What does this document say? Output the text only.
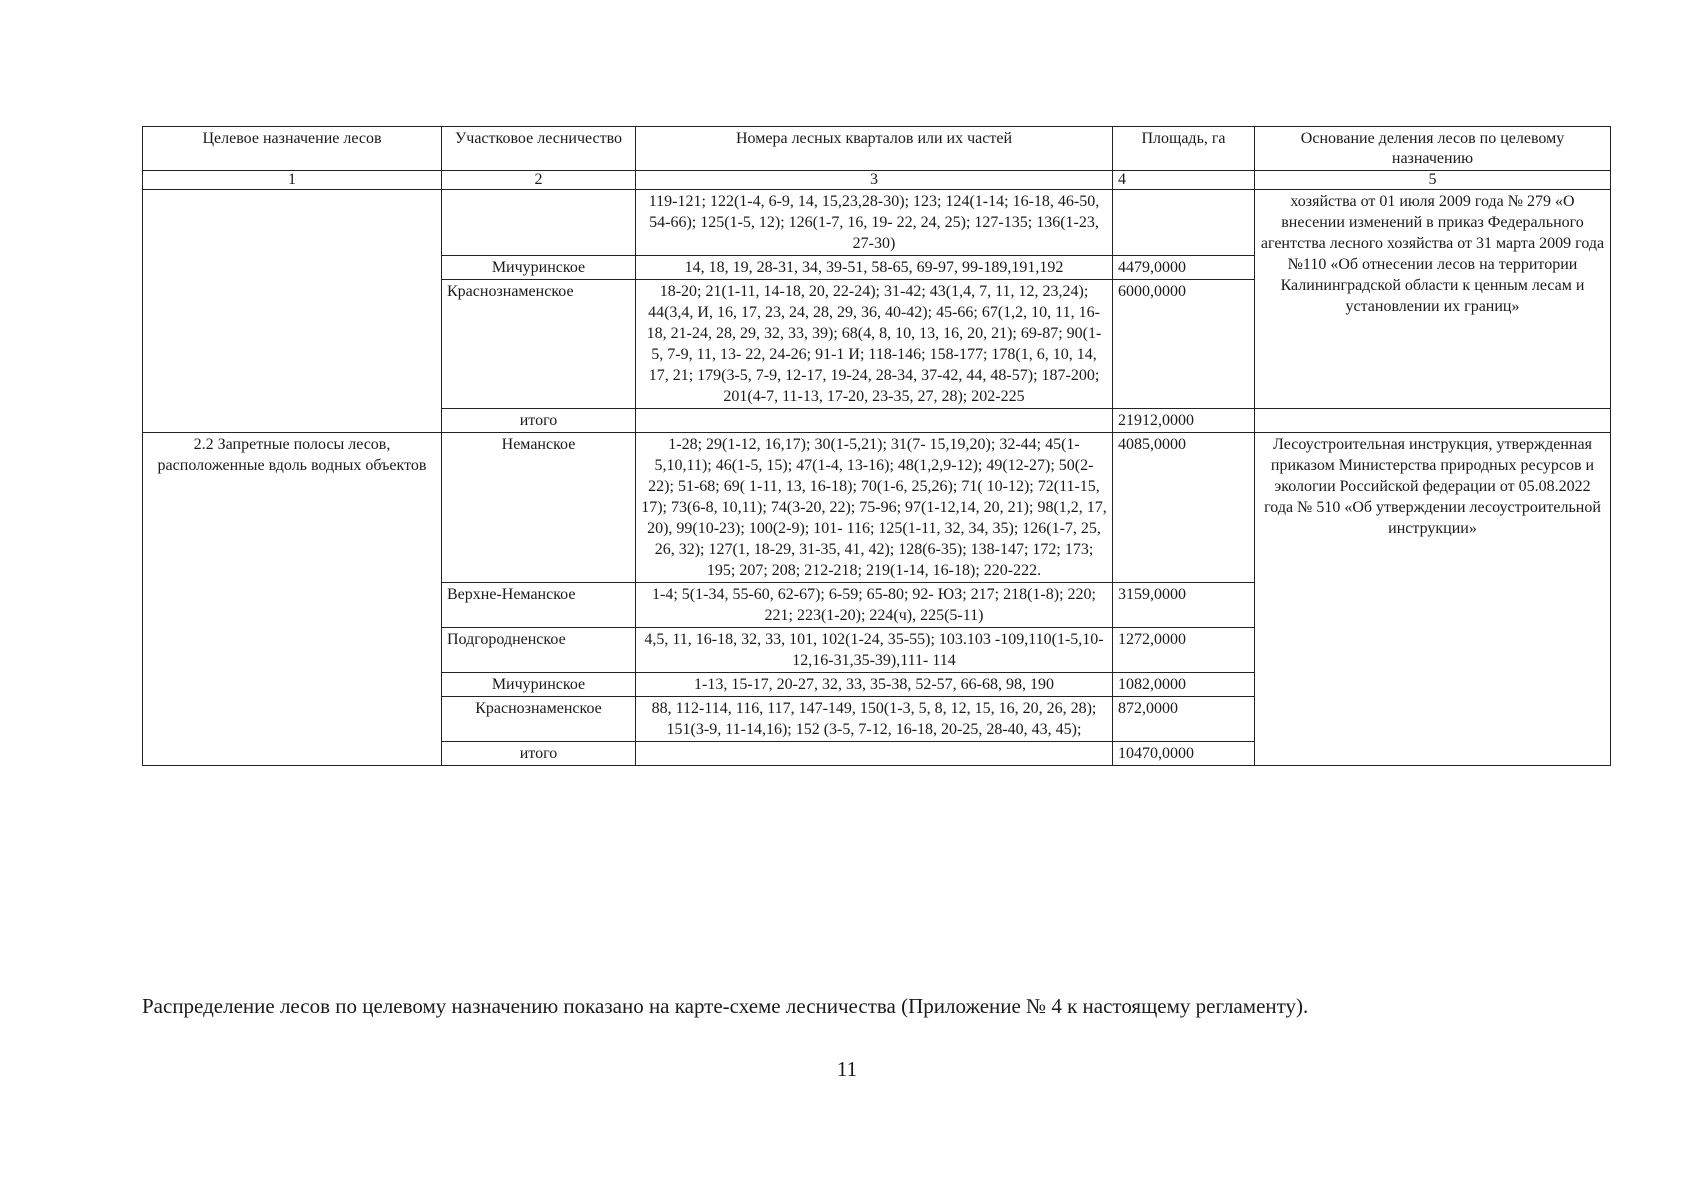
Целевое назначение лесов	Участковое лесничество	Номера лесных кварталов или их частей	Площадь, га	Основание деления лесов по целевому назначению
1	2	3	4	5
		119-121; 122(1-4, 6-9, 14, 15,23,28-30); 123; 124(1-14; 16-18, 46-50, 54-66); 125(1-5, 12); 126(1-7, 16, 19- 22, 24, 25); 127-135; 136(1-23, 27-30)		хозяйства от 01 июля 2009 года № 279 «О внесении изменений в приказ Федерального агентства лесного хозяйства от 31 марта 2009 года №110 «Об отнесении лесов на территории Калининградской области к ценным лесам и установлении их границ»
	Мичуринское	14, 18, 19, 28-31, 34, 39-51, 58-65, 69-97, 99-189,191,192	4479,0000	
	Краснознаменское	18-20; 21(1-11, 14-18, 20, 22-24); 31-42; 43(1,4, 7, 11, 12, 23,24); 44(3,4, И, 16, 17, 23, 24, 28, 29, 36, 40-42); 45-66; 67(1,2, 10, 11, 16-18, 21-24, 28, 29, 32, 33, 39); 68(4, 8, 10, 13, 16, 20, 21); 69-87; 90(1-5, 7-9, 11, 13- 22, 24-26; 91-1 И; 118-146; 158-177; 178(1, 6, 10, 14, 17, 21; 179(3-5, 7-9, 12-17, 19-24, 28-34, 37-42, 44, 48-57); 187-200; 201(4-7, 11-13, 17-20, 23-35, 27, 28); 202-225	6000,0000	
	итого		21912,0000	
2.2 Запретные полосы лесов, расположенные вдоль водных объектов	Неманское	1-28; 29(1-12, 16,17); 30(1-5,21); 31(7- 15,19,20); 32-44; 45(1-5,10,11); 46(1-5, 15); 47(1-4, 13-16); 48(1,2,9-12); 49(12-27); 50(2- 22); 51-68; 69( 1-11, 13, 16-18); 70(1-6, 25,26); 71( 10-12); 72(11-15, 17); 73(6-8, 10,11); 74(3-20, 22); 75-96; 97(1-12,14, 20, 21); 98(1,2, 17, 20), 99(10-23); 100(2-9); 101- 116; 125(1-11, 32, 34, 35); 126(1-7, 25, 26, 32); 127(1, 18-29, 31-35, 41, 42); 128(6-35); 138-147; 172; 173; 195; 207; 208; 212-218; 219(1-14, 16-18); 220-222.	4085,0000	Лесоустроительная инструкция, утвержденная приказом Министерства природных ресурсов и экологии Российской федерации от 05.08.2022 года № 510 «Об утверждении лесоустроительной инструкции»
	Верхне-Неманское	1-4; 5(1-34, 55-60, 62-67); 6-59; 65-80; 92- ЮЗ; 217; 218(1-8); 220; 221; 223(1-20); 224(ч), 225(5-11)	3159,0000	
	Подгородненское	4,5, 11, 16-18, 32, 33, 101, 102(1-24, 35-55); 103.103 -109,110(1-5,10-12,16-31,35-39),111- 114	1272,0000	
	Мичуринское	1-13, 15-17, 20-27, 32, 33, 35-38, 52-57, 66-68, 98, 190	1082,0000	
	Краснознаменское	88, 112-114, 116, 117, 147-149, 150(1-3, 5, 8, 12, 15, 16, 20, 26, 28); 151(3-9, 11-14,16); 152 (3-5, 7-12, 16-18, 20-25, 28-40, 43, 45);	872,0000	
	итого		10470,0000	
Распределение лесов по целевому назначению показано на карте-схеме лесничества (Приложение № 4 к настоящему регламенту).
11
